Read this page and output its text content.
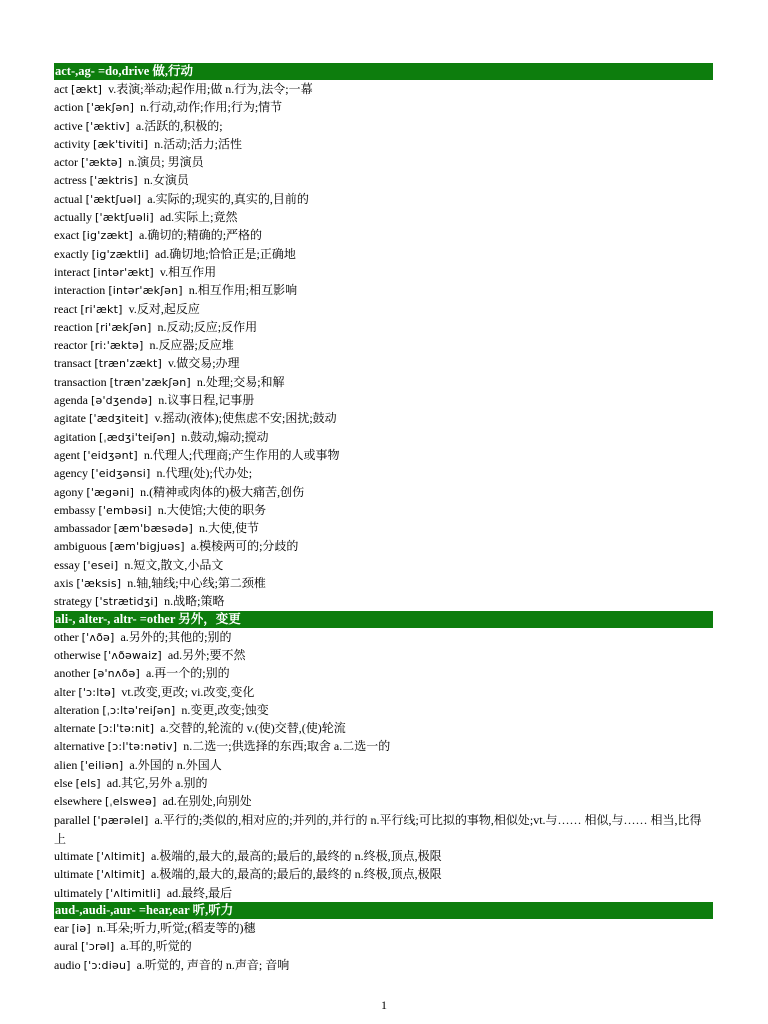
act-,ag- =do,drive 做,行动
act [ækt] v.表演;举动;起作用;做 n.行为,法令;一幕
action ['ækʃən] n.行动,动作;作用;行为;情节
active ['æktiv] a.活跃的,积极的;
activity [æk'tiviti] n.活动;活力;活性
actor ['æktə] n.演员; 男演员
actress ['æktris] n.女演员
actual ['æktʃuəl] a.实际的;现实的,真实的,目前的
actually ['æktʃuəli] ad.实际上;竟然
exact [ig'zækt] a.确切的;精确的;严格的
exactly [ig'zæktli] ad.确切地;恰恰正是;正确地
interact [intər'ækt] v.相互作用
interaction [intər'ækʃən] n.相互作用;相互影响
react [ri'ækt] v.反对,起反应
reaction [ri'ækʃən] n.反动;反应;反作用
reactor [ri:'æktə] n.反应器;反应堆
transact [træn'zækt] v.做交易;办理
transaction [træn'zækʃən] n.处理;交易;和解
agenda [ə'dʒendə] n.议事日程,记事册
agitate ['ædʒiteit] v.摇动(液体);使焦虑不安;困扰;鼓动
agitation [ˌædʒi'teiʃən] n.鼓动,煽动;搅动
agent ['eidʒənt] n.代理人;代理商;产生作用的人或事物
agency ['eidʒənsi] n.代理(处);代办处;
agony ['ægəni] n.(精神或肉体的)极大痛苦,创伤
embassy ['embəsi] n.大使馆;大使的职务
ambassador [æm'bæsədə] n.大使,使节
ambiguous [æm'bigjuəs] a.模棱两可的;分歧的
essay ['esei] n.短文,散文,小品文
axis ['æksis] n.轴,轴线;中心线;第二颈椎
strategy ['strætidʒi] n.战略;策略
ali-, alter-, altr- =other 另外，变更
other ['ʌðə] a.另外的;其他的;别的
otherwise ['ʌðəwaiz] ad.另外;要不然
another [ə'nʌðə] a.再一个的;别的
alter ['ɔ:ltə] vt.改变,更改; vi.改变,变化
alteration [ˌɔ:ltə'reiʃən] n.变更,改变;蚀变
alternate [ɔ:l'tə:nit] a.交替的,轮流的 v.(使)交替,(使)轮流
alternative [ɔ:l'tə:nətiv] n.二选一;供选择的东西;取舍 a.二选一的
alien ['eiliən] a.外国的 n.外国人
else [els] ad.其它,另外 a.别的
elsewhere [ˌelsweə] ad.在别处,向别处
parallel ['pærəlel] a.平行的;类似的,相对应的;并列的,并行的 n.平行线;可比拟的事物,相似处;vt.与…… 相似,与…… 相当,比得上
ultimate ['ʌltimit] a.极端的,最大的,最高的;最后的,最终的 n.终极,顶点,极限
ultimate ['ʌltimit] a.极端的,最大的,最高的;最后的,最终的 n.终极,顶点,极限
ultimately ['ʌltimitli] ad.最终,最后
aud-,audi-,aur- =hear,ear 听,听力
ear [iə] n.耳朵;听力,听觉;(稻麦等的)穗
aural ['ɔrəl] a.耳的,听觉的
audio ['ɔ:diəu] a.听觉的, 声音的 n.声音; 音响
1
